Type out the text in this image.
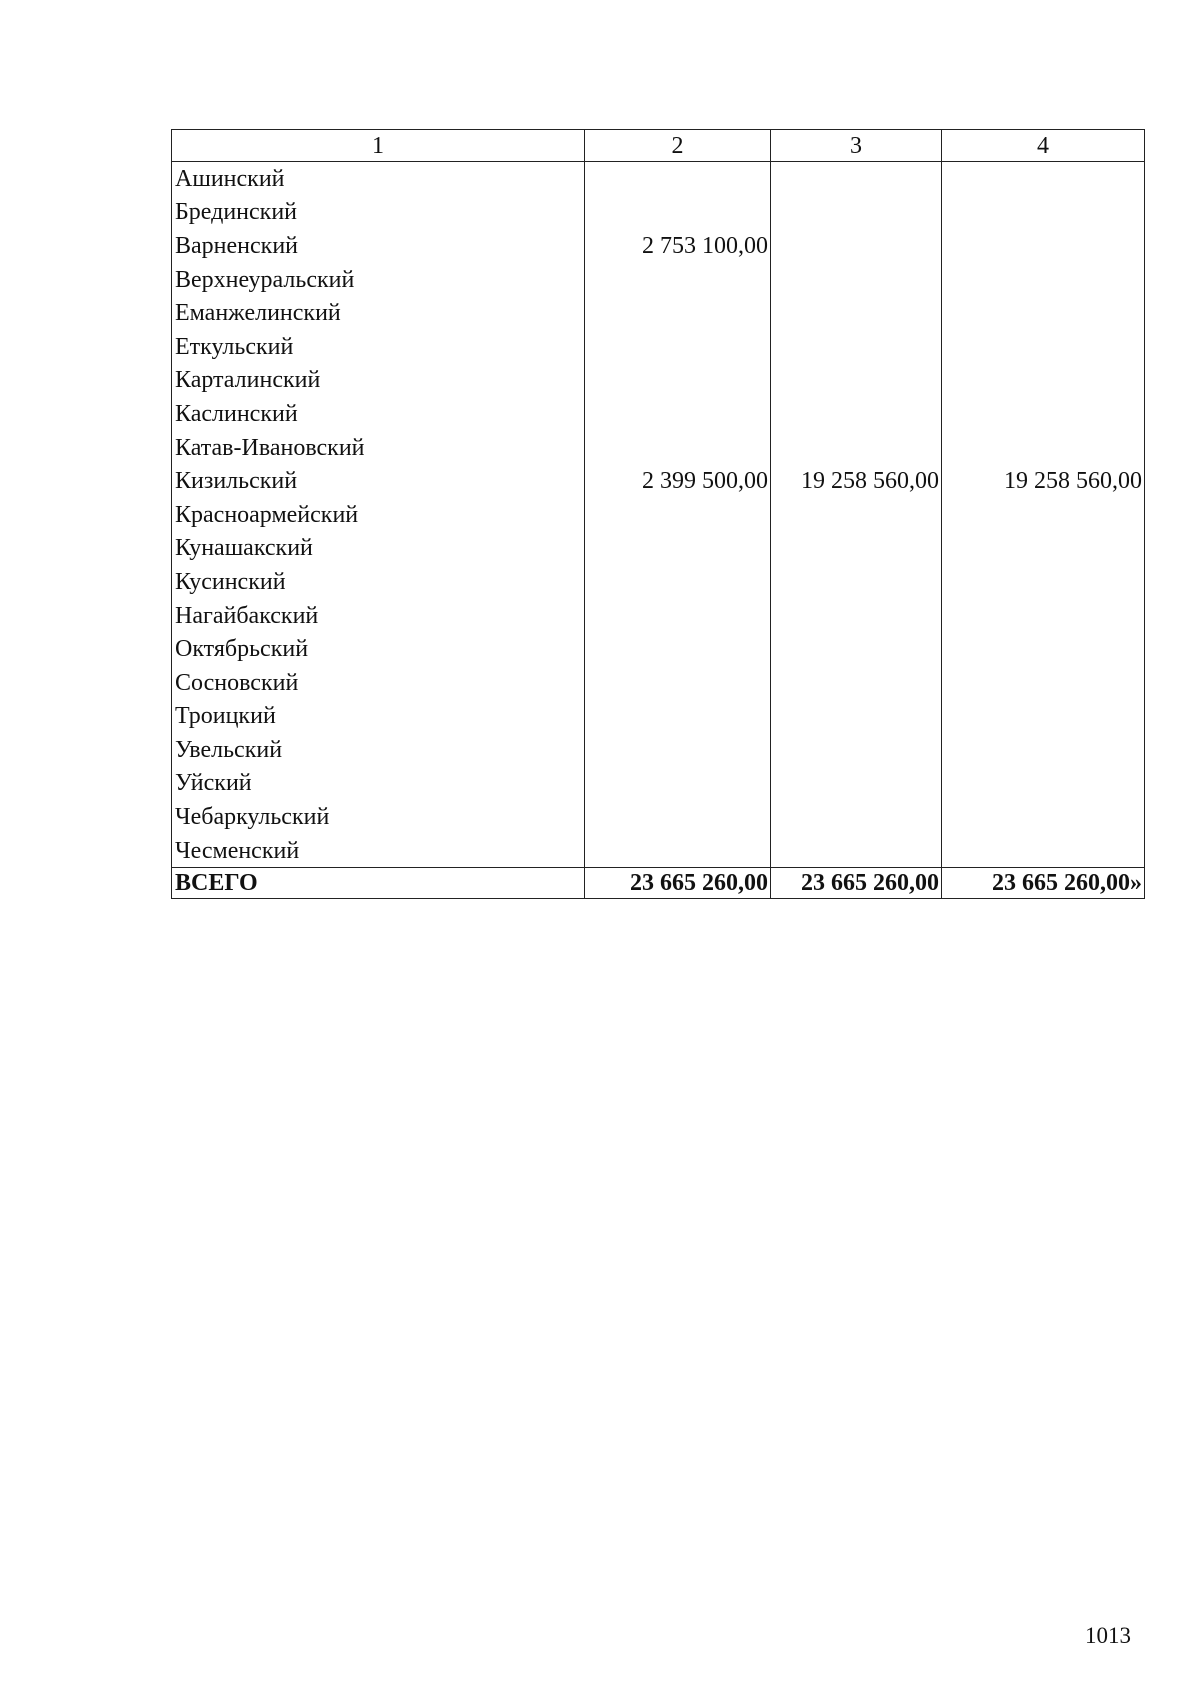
1	2	3	4
Ашинский			
Брединский			
Варненский	2 753 100,00		
Верхнеуральский			
Еманжелинский			
Еткульский			
Карталинский			
Каслинский			
Катав-Ивановский			
Кизильский	2 399 500,00	19 258 560,00	19 258 560,00
Красноармейский			
Кунашакский			
Кусинский			
Нагайбакский			
Октябрьский			
Сосновский			
Троицкий			
Увельский			
Уйский			
Чебаркульский			
Чесменский			
ВСЕГО	23 665 260,00	23 665 260,00	23 665 260,00»
1013
